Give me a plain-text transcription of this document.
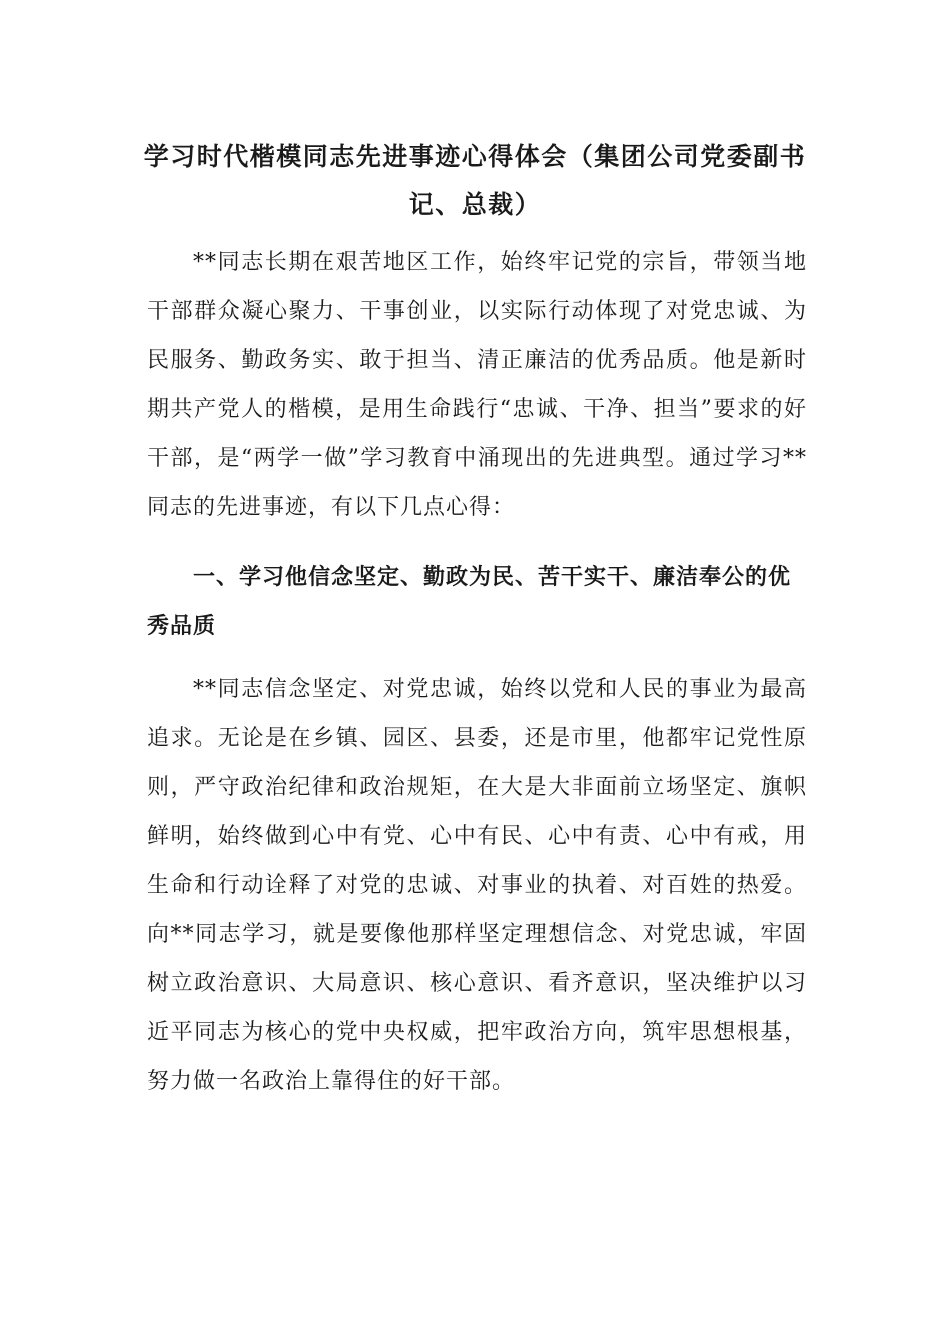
学习时代楷模同志先进事迹心得体会（集团公司党委副书记、总裁）

**同志长期在艰苦地区工作，始终牢记党的宗旨，带领当地干部群众凝心聚力、干事创业，以实际行动体现了对党忠诚、为民服务、勤政务实、敢于担当、清正廉洁的优秀品质。他是新时期共产党人的楷模，是用生命践行“忠诚、干净、担当”要求的好干部，是“两学一做”学习教育中涌现出的先进典型。通过学习**同志的先进事迹，有以下几点心得：

一、学习他信念坚定、勤政为民、苦干实干、廉洁奉公的优秀品质

**同志信念坚定、对党忠诚，始终以党和人民的事业为最高追求。无论是在乡镇、园区、县委，还是市里，他都牢记党性原则，严守政治纪律和政治规矩，在大是大非面前立场坚定、旗帜鲜明，始终做到心中有党、心中有民、心中有责、心中有戒，用生命和行动诠释了对党的忠诚、对事业的执着、对百姓的热爱。向**同志学习，就是要像他那样坚定理想信念、对党忠诚，牢固树立政治意识、大局意识、核心意识、看齐意识，坚决维护以习近平同志为核心的党中央权威，把牢政治方向，筑牢思想根基，努力做一名政治上靠得住的好干部。
